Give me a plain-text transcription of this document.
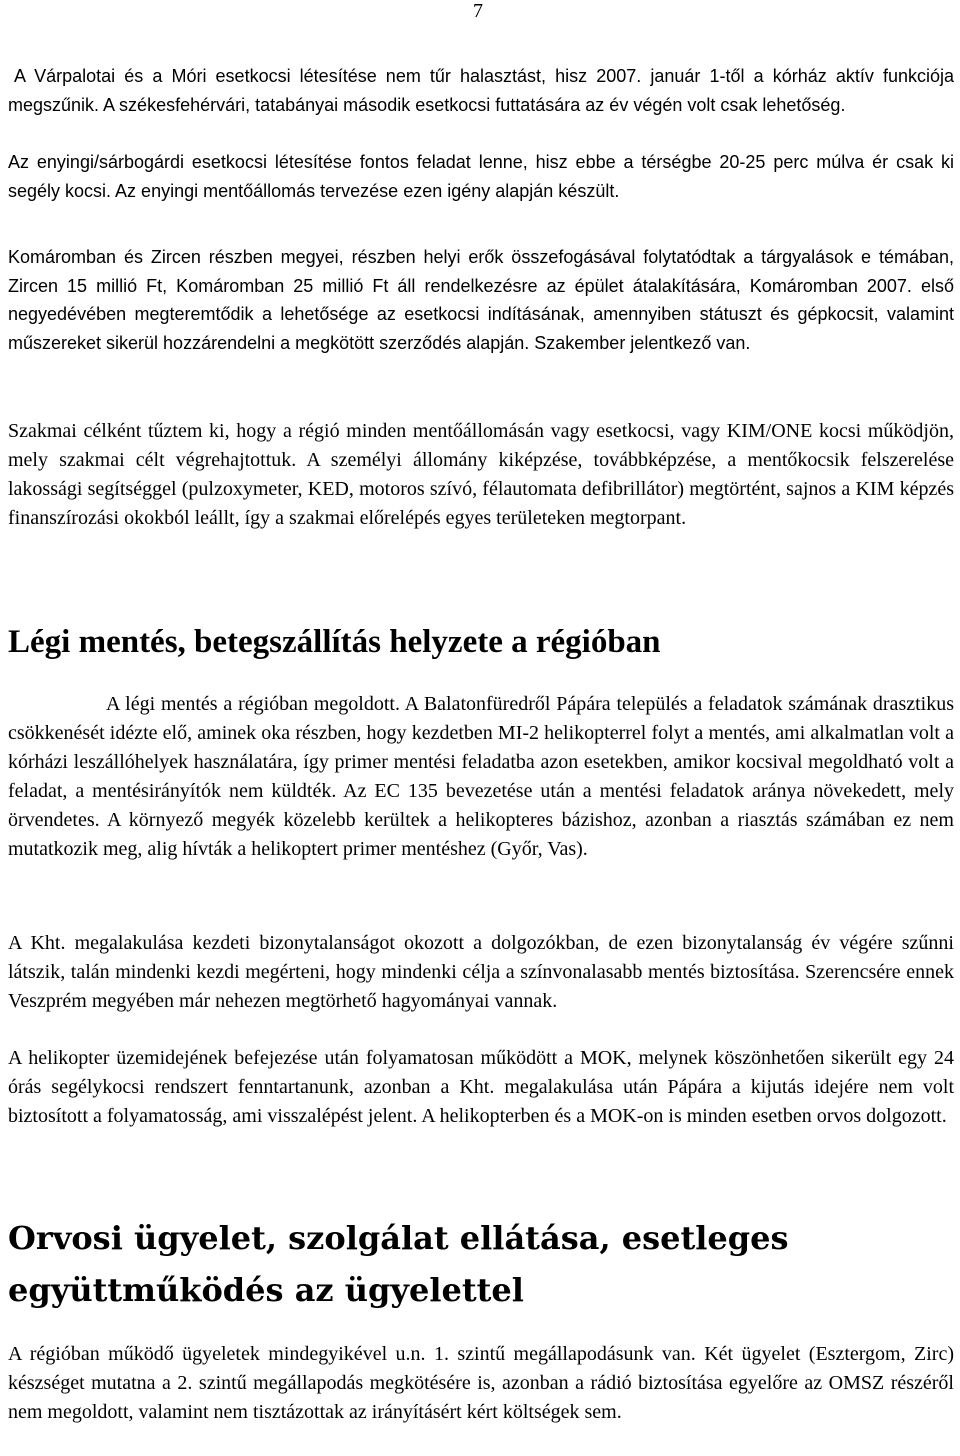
7

A Várpalotai és a Móri esetkocsi létesítése nem tűr halasztást, hisz 2007. január 1-től a kórház aktív funkciója megszűnik. A székesfehérvári, tatabányai második esetkocsi futtatására az év végén volt csak lehetőség.

Az enyingi/sárbogárdi esetkocsi létesítése fontos feladat lenne, hisz ebbe a térségbe 20-25 perc múlva ér csak ki segély kocsi. Az enyingi mentőállomás tervezése ezen igény alapján készült.

Komáromban és Zircen részben megyei, részben helyi erők összefogásával folytatódtak a tárgyalások e témában, Zircen 15 millió Ft, Komáromban 25 millió Ft áll rendelkezésre az épület átalakítására, Komáromban 2007. első negyedévében megteremtődik a lehetősége az esetkocsi indításának, amennyiben státuszt és gépkocsit, valamint műszereket sikerül hozzárendelni a megkötött szerződés alapján. Szakember jelentkező van.

Szakmai célként tűztem ki, hogy a régió minden mentőállomásán vagy esetkocsi, vagy KIM/ONE kocsi működjön, mely szakmai célt végrehajtottuk. A személyi állomány kiképzése, továbbképzése, a mentőkocsik felszerelése lakossági segítséggel (pulzoxymeter, KED, motoros szívó, félautomata defibrillátor) megtörtént, sajnos a KIM képzés finanszírozási okokból leállt, így a szakmai előrelépés egyes területeken megtorpant.

Légi mentés, betegszállítás helyzete a régióban

A légi mentés a régióban megoldott. A Balatonfüredről Pápára település a feladatok számának drasztikus csökkenését idézte elő, aminek oka részben, hogy kezdetben MI-2 helikopterrel folyt a mentés, ami alkalmatlan volt a kórházi leszállóhelyek használatára, így primer mentési feladatba azon esetekben, amikor kocsival megoldható volt a feladat, a mentésirányítók nem küldték. Az EC 135 bevezetése után a mentési feladatok aránya növekedett, mely örvendetes. A környező megyék közelebb kerültek a helikopteres bázishoz, azonban a riasztás számában ez nem mutatkozik meg, alig hívták a helikoptert primer mentéshez (Győr, Vas).

A Kht. megalakulása kezdeti bizonytalanságot okozott a dolgozókban, de ezen bizonytalanság év végére szűnni látszik, talán mindenki kezdi megérteni, hogy mindenki célja a színvonalasabb mentés biztosítása. Szerencsére ennek Veszprém megyében már nehezen megtörhető hagyományai vannak.

A helikopter üzemidejének befejezése után folyamatosan működött a MOK, melynek köszönhetően sikerült egy 24 órás segélykocsi rendszert fenntartanunk, azonban a Kht. megalakulása után Pápára a kijutás idejére nem volt biztosított a folyamatosság, ami visszalépést jelent. A helikopterben és a MOK-on is minden esetben orvos dolgozott.

Orvosi ügyelet, szolgálat ellátása, esetleges együttműködés az ügyelettel

A régióban működő ügyeletek mindegyikével u.n. 1. szintű megállapodásunk van. Két ügyelet (Esztergom, Zirc) készséget mutatna a 2. szintű megállapodás megkötésére is, azonban a rádió biztosítása egyelőre az OMSZ részéről nem megoldott, valamint nem tisztázottak az irányításért kért költségek sem.
